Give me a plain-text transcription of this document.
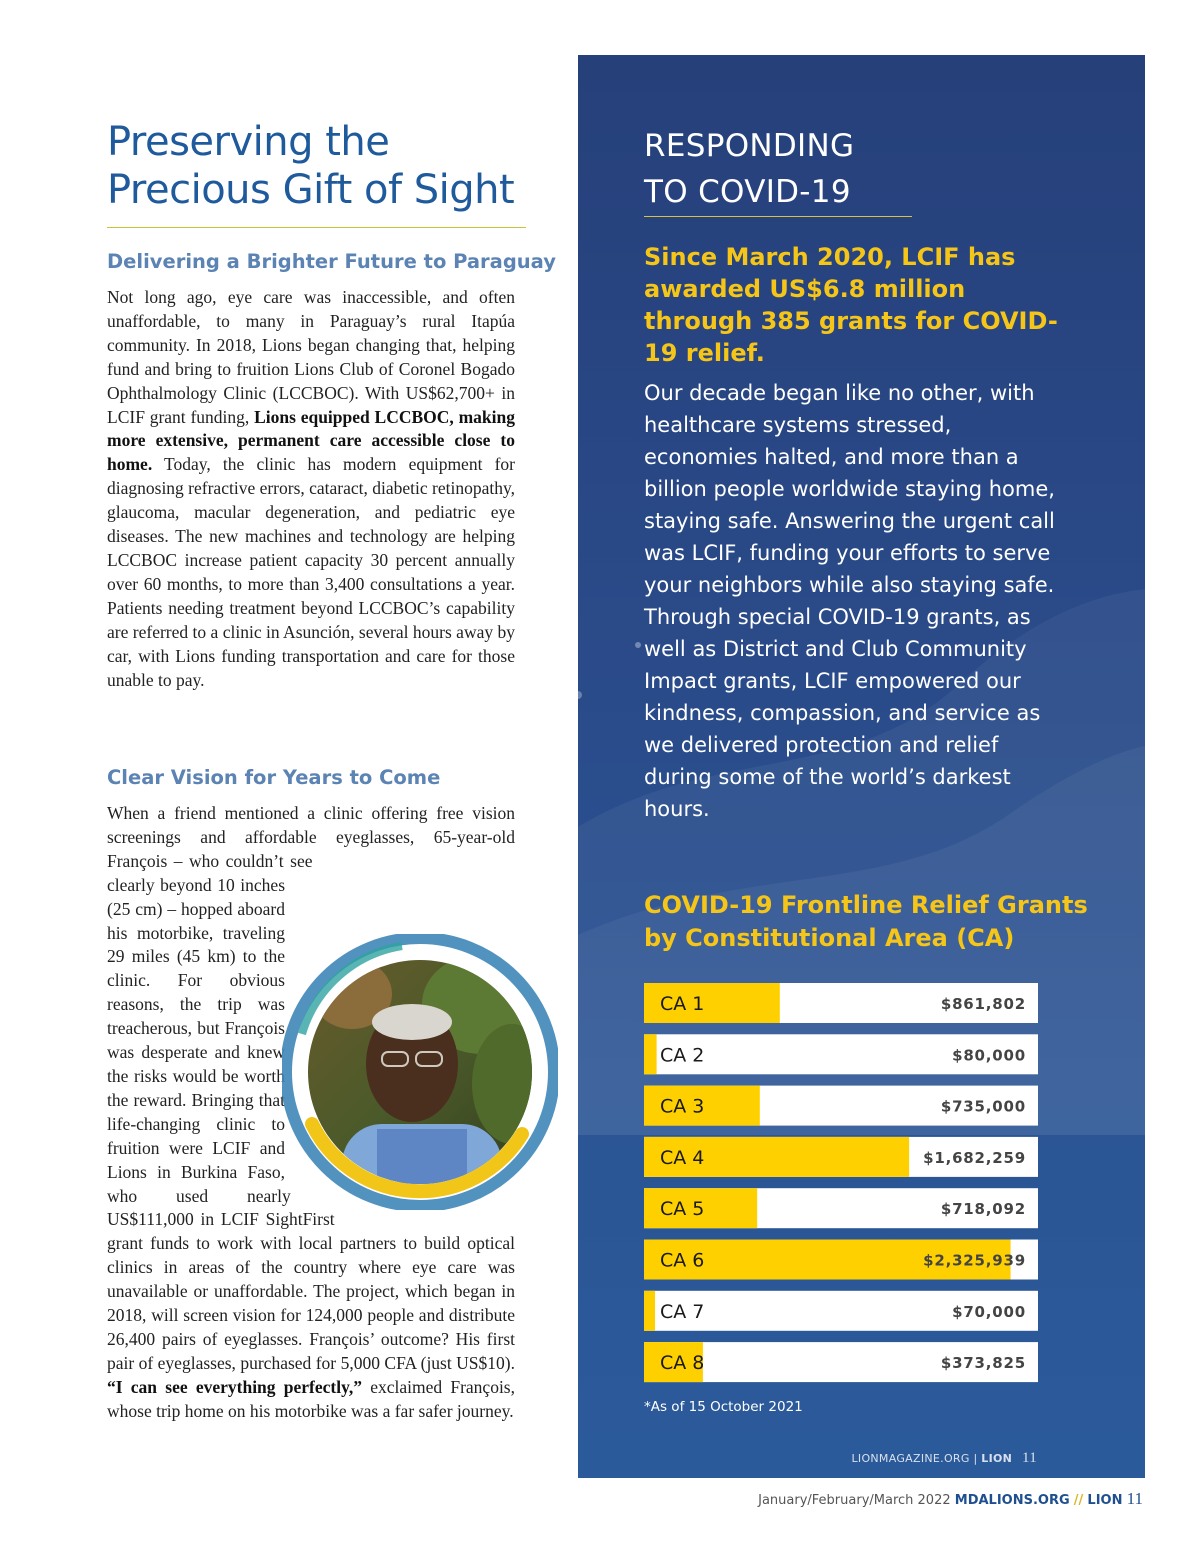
Preserving the
Precious Gift of Sight
Delivering a Brighter Future to Paraguay

Not long ago, eye care was inaccessible, and often unaffordable, to many in Paraguay’s rural Itapúa community. In 2018, Lions began changing that, helping fund and bring to fruition Lions Club of Coronel Bogado Ophthalmology Clinic (LCCBOC). With US$62,700+ in LCIF grant funding, Lions equipped LCCBOC, making more extensive, permanent care accessible close to home. Today, the clinic has modern equipment for diagnosing refractive errors, cataract, diabetic retinopathy, glaucoma, macular degeneration, and pediatric eye diseases. The new machines and technology are helping LCCBOC increase patient capacity 30 percent annually over 60 months, to more than 3,400 consultations a year. Patients needing treatment beyond LCCBOC’s capability are referred to a clinic in Asunción, several hours away by car, with Lions funding transportation and care for those unable to pay.

Clear Vision for Years to Come

When a friend mentioned a clinic offering free vision screenings and affordable eyeglasses, 65-year-old François – who couldn’t see clearly beyond 10 inches (25 cm) – hopped aboard his motorbike, traveling 29 miles (45 km) to the clinic. For obvious reasons, the trip was treacherous, but François was desperate and knew the risks would be worth the reward. Bringing that life-changing clinic to fruition were LCIF and Lions in Burkina Faso, who used nearly US$111,000 in LCIF SightFirst grant funds to work with local partners to build optical clinics in areas of the country where eye care was unavailable or unaffordable. The project, which began in 2018, will screen vision for 124,000 people and distribute 26,400 pairs of eyeglasses. François’ outcome? His first pair of eyeglasses, purchased for 5,000 CFA (just US$10). “I can see everything perfectly,” exclaimed François, whose trip home on his motorbike was a far safer journey.

RESPONDING
TO COVID-19

Since March 2020, LCIF has awarded US$6.8 million through 385 grants for COVID-19 relief.

Our decade began like no other, with healthcare systems stressed, economies halted, and more than a billion people worldwide staying home, staying safe. Answering the urgent call was LCIF, funding your efforts to serve your neighbors while also staying safe. Through special COVID-19 grants, as well as District and Club Community Impact grants, LCIF empowered our kindness, compassion, and service as we delivered protection and relief during some of the world’s darkest hours.

COVID-19 Frontline Relief Grants by Constitutional Area (CA)
CA 1	$861,802
CA 2	$80,000
CA 3	$735,000
CA 4	$1,682,259
CA 5	$718,092
CA 6	$2,325,939
CA 7	$70,000
CA 8	$373,825

*As of 15 October 2021

LIONMAGAZINE.ORG | LION 11

January/February/March 2022 MDALIONS.ORG // LION 11
